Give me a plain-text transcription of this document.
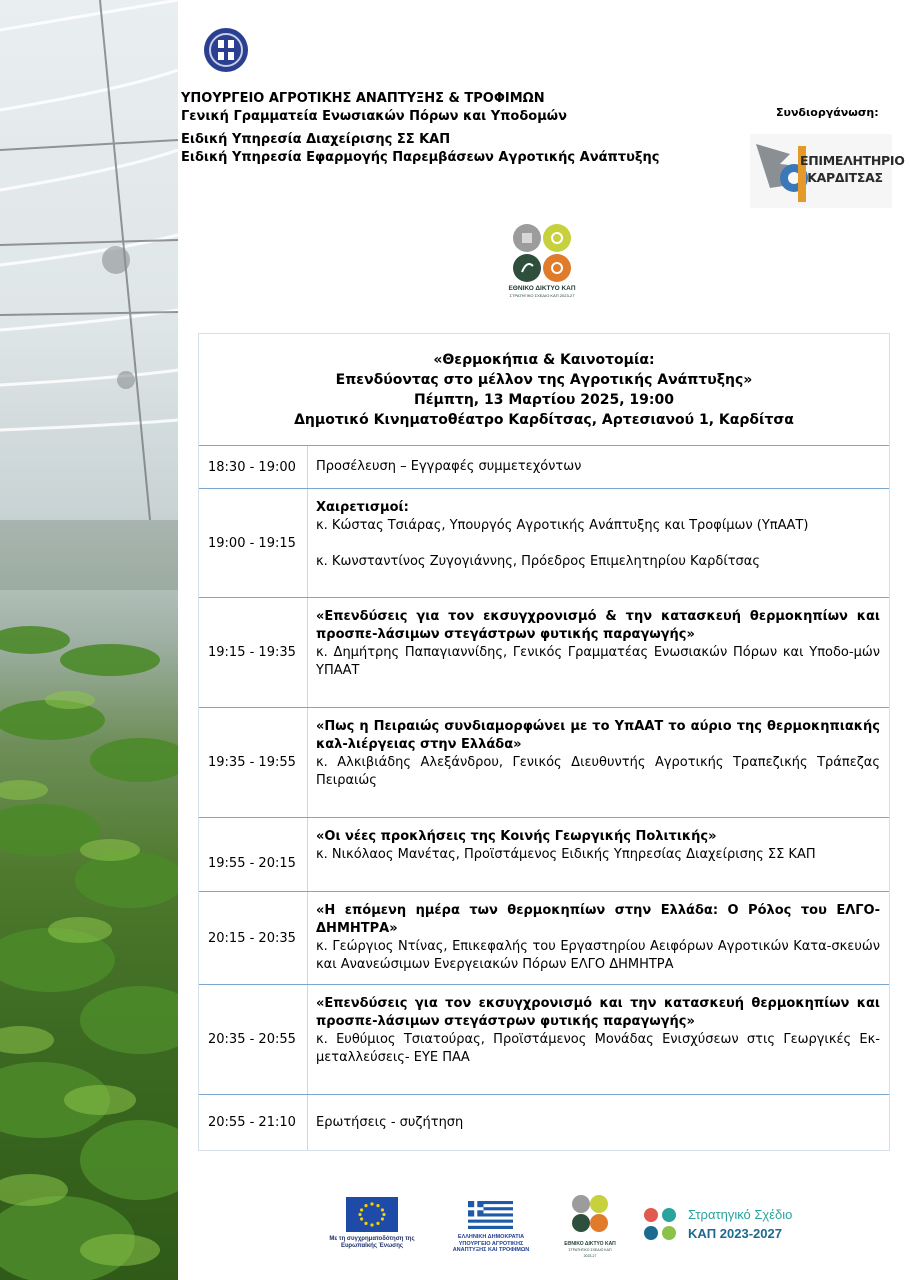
ΥΠΟΥΡΓΕΙΟ ΑΓΡΟΤΙΚΗΣ ΑΝΑΠΤΥΞΗΣ & ΤΡΟΦΙΜΩΝ
Γενική Γραμματεία Ενωσιακών Πόρων και Υποδομών
Ειδική Υπηρεσία Διαχείρισης ΣΣ ΚΑΠ
Ειδική Υπηρεσία Εφαρμογής Παρεμβάσεων Αγροτικής Ανάπτυξης
Συνδιοργάνωση:
ΕΠΙΜΕΛΗΤΗΡΙΟ
ΚΑΡΔΙΤΣΑΣ
ΕΘΝΙΚΟ ΔΙΚΤΥΟ ΚΑΠ
ΣΤΡΑΤΗΓΙΚΟ ΣΧΕΔΙΟ ΚΑΠ 2023-27
«Θερμοκήπια & Καινοτομία:
Επενδύοντας στο μέλλον της Αγροτικής Ανάπτυξης»
Πέμπτη, 13 Μαρτίου 2025, 19:00
Δημοτικό Κινηματοθέατρο Καρδίτσας, Αρτεσιανού 1, Καρδίτσα
18:30 - 19:00	Προσέλευση – Εγγραφές συμμετεχόντων
19:00 - 19:15
Χαιρετισμοί:
κ. Κώστας Τσιάρας, Υπουργός Αγροτικής Ανάπτυξης και Τροφίμων (ΥπΑΑΤ)
κ. Κωνσταντίνος Ζυγογιάννης, Πρόεδρος Επιμελητηρίου Καρδίτσας
19:15 - 19:35
«Επενδύσεις για τον εκσυγχρονισμό & την κατασκευή θερμοκηπίων και προσπε-λάσιμων στεγάστρων φυτικής παραγωγής»
κ. Δημήτρης Παπαγιαννίδης, Γενικός Γραμματέας Ενωσιακών Πόρων και Υποδο-μών ΥΠΑΑΤ
19:35 - 19:55
«Πως η Πειραιώς συνδιαμορφώνει με το ΥπΑΑΤ το αύριο της θερμοκηπιακής καλ-λιέργειας στην Ελλάδα»
κ. Αλκιβιάδης Αλεξάνδρου, Γενικός Διευθυντής Αγροτικής Τραπεζικής Τράπεζας Πειραιώς
19:55 - 20:15
«Οι νέες προκλήσεις της Κοινής Γεωργικής Πολιτικής»
κ. Νικόλαος Μανέτας, Προϊστάμενος Ειδικής Υπηρεσίας Διαχείρισης ΣΣ ΚΑΠ
20:15 - 20:35
«Η επόμενη ημέρα των θερμοκηπίων στην Ελλάδα: Ο Ρόλος του ΕΛΓΟ-ΔΗΜΗΤΡΑ»
κ. Γεώργιος Ντίνας, Επικεφαλής του Εργαστηρίου Αειφόρων Αγροτικών Κατα-σκευών και Ανανεώσιμων Ενεργειακών Πόρων ΕΛΓΟ ΔΗΜΗΤΡΑ
20:35 - 20:55
«Επενδύσεις για τον εκσυγχρονισμό και την κατασκευή θερμοκηπίων και προσπε-λάσιμων στεγάστρων φυτικής παραγωγής»
κ. Ευθύμιος Τσιατούρας, Προϊστάμενος Μονάδας Ενισχύσεων στις Γεωργικές Εκ-μεταλλεύσεις- ΕΥΕ ΠΑΑ
20:55 - 21:10	Ερωτήσεις - συζήτηση
Με τη συγχρηματοδότηση της Ευρωπαϊκής Ένωσης
ΕΛΛΗΝΙΚΗ ΔΗΜΟΚΡΑΤΙΑ ΥΠΟΥΡΓΕΙΟ ΑΓΡΟΤΙΚΗΣ ΑΝΑΠΤΥΞΗΣ ΚΑΙ ΤΡΟΦΙΜΩΝ
ΕΘΝΙΚΟ ΔΙΚΤΥΟ ΚΑΠ
ΣΤΡΑΤΗΓΙΚΟ ΣΧΕΔΙΟ ΚΑΠ 2023-27
Στρατηγικό Σχέδιο
ΚΑΠ 2023-2027
